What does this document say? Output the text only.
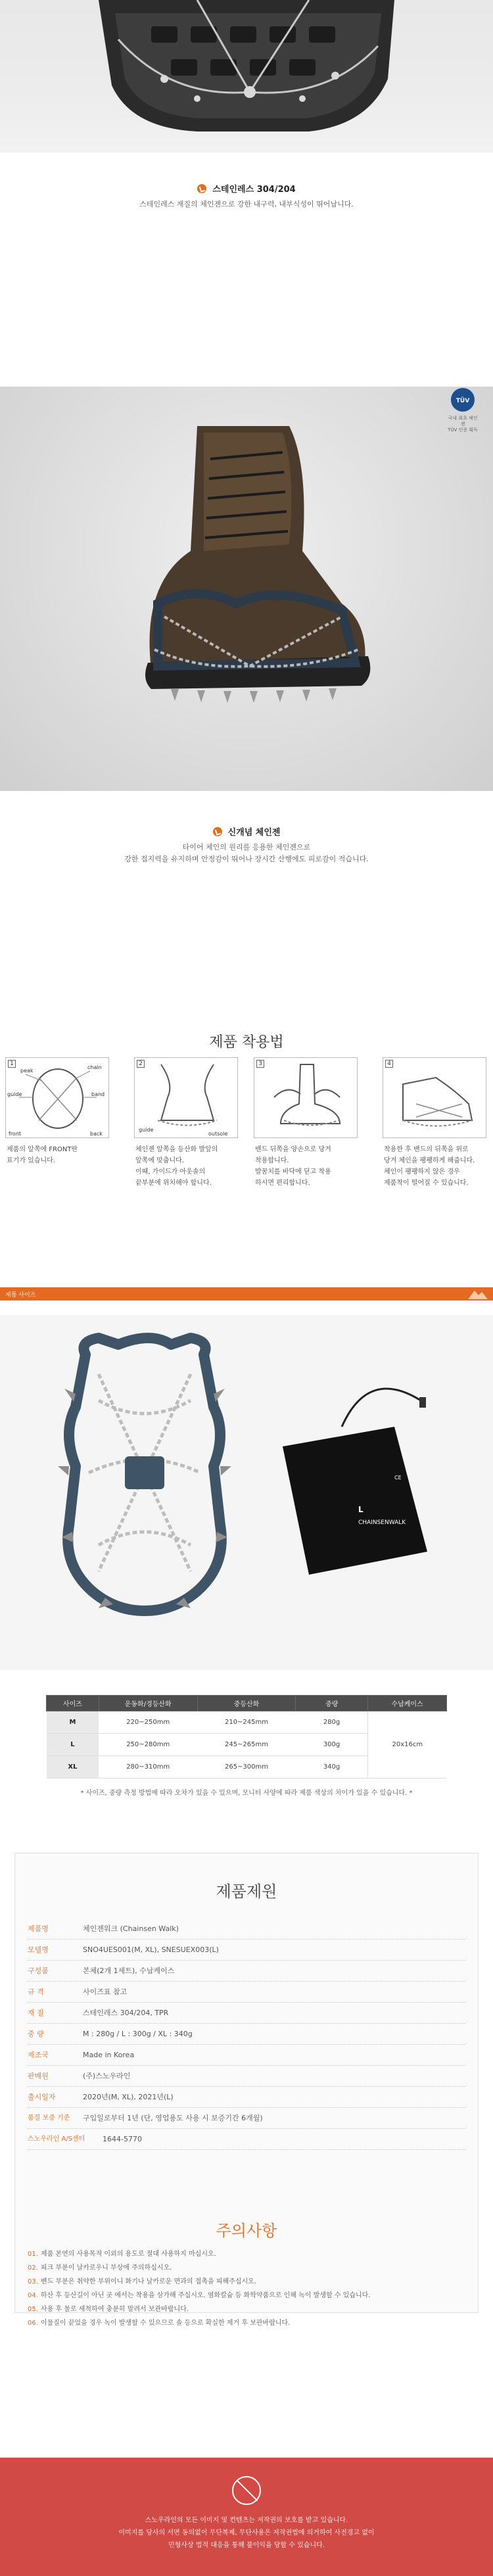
스테인레스 304/204
스테인레스 재질의 체인젠으로 강한 내구력, 내부식성이 뛰어납니다.
TÜV
국내 최초 체인젠
TÜV 인증 획득
신개념 체인젠
타이어 체인의 원리를 응용한 체인젠으로
강한 접지력을 유지하며 안정감이 뛰어나 장시간 산행에도 피로감이 적습니다.
제품 착용법
1
peak
chain
guide	band
front	back
2
guide
outsole
3	4
제품의 앞쪽에 FRONT란
표기가 있습니다.
체인젠 앞쪽을 등산화 발앞의
앞쪽에 맞춥니다.
이때, 가이드가 아웃솔의
끝부분에 위치해야 합니다.
밴드 뒤쪽을 양손으로 당겨
착용합니다.
발꿈치를 바닥에 딛고 착용
하시면 편리합니다.
착용한 후 밴드의 뒤쪽을 위로
당겨 체인을 팽팽하게 해줍니다.
체인이 팽팽하지 않은 경우
제품착이 떨어질 수 있습니다.
제품 사이즈
L
CHAINSENWALK
CE
사이즈	운동화/경등산화	중등산화	중량	수납케이스
M	220~250mm	210~245mm	280g	20x16cm
L	250~280mm	245~265mm	300g	
XL	280~310mm	265~300mm	340g	
* 사이즈, 중량 측정 방법에 따라 오차가 있을 수 있으며, 모니터 사양에 따라 제품 색상의 차이가 있을 수 있습니다. *
제품제원
제품명	체인젠워크 (Chainsen Walk)
모델명	SNO4UES001(M, XL), SNESUEX003(L)
구성품	본체(2개 1세트), 수납케이스
규 격	사이즈표 참고
재 질	스테인레스 304/204, TPR
중 량	M : 280g / L : 300g / XL : 340g
제조국	Made in Korea
판매원	(주)스노우라인
출시일자	2020년(M, XL), 2021년(L)
품질 보증 기준	구입일로부터 1년 (단, 영업용도 사용 시 보증기간 6개월)
스노우라인 A/S센터	1644-5770
주의사항
01. 제품 본연의 사용목적 이외의 용도로 절대 사용하지 마십시오.
02. 피크 부분이 날카로우니 부상에 주의하십시오.
03. 밴드 부분은 취약한 부위이니 화기나 날카로운 면과의 접촉을 피해주십시오.
04. 하산 후 등산길이 아닌 곳 에서는 착용을 삼가해 주십시오. 염화칼슘 등 화학약품으로 인해 녹이 발생할 수 있습니다.
05. 사용 후 물로 세척하여 충분히 말려서 보관바랍니다.
06. 이물질이 끝었을 경우 녹이 발생할 수 있으므로 솔 등으로 확실한 제거 후 보관바랍니다.
스노우라인의 모든 이미지 및 컨텐츠는 저작권의 보호를 받고 있습니다.
이미지를 당사의 서면 동의없이 무단복제, 무단사용은 저작권법에 의거하여 사전경고 없이
민형사상 법적 대응을 통해 불이익을 당할 수 있습니다.
